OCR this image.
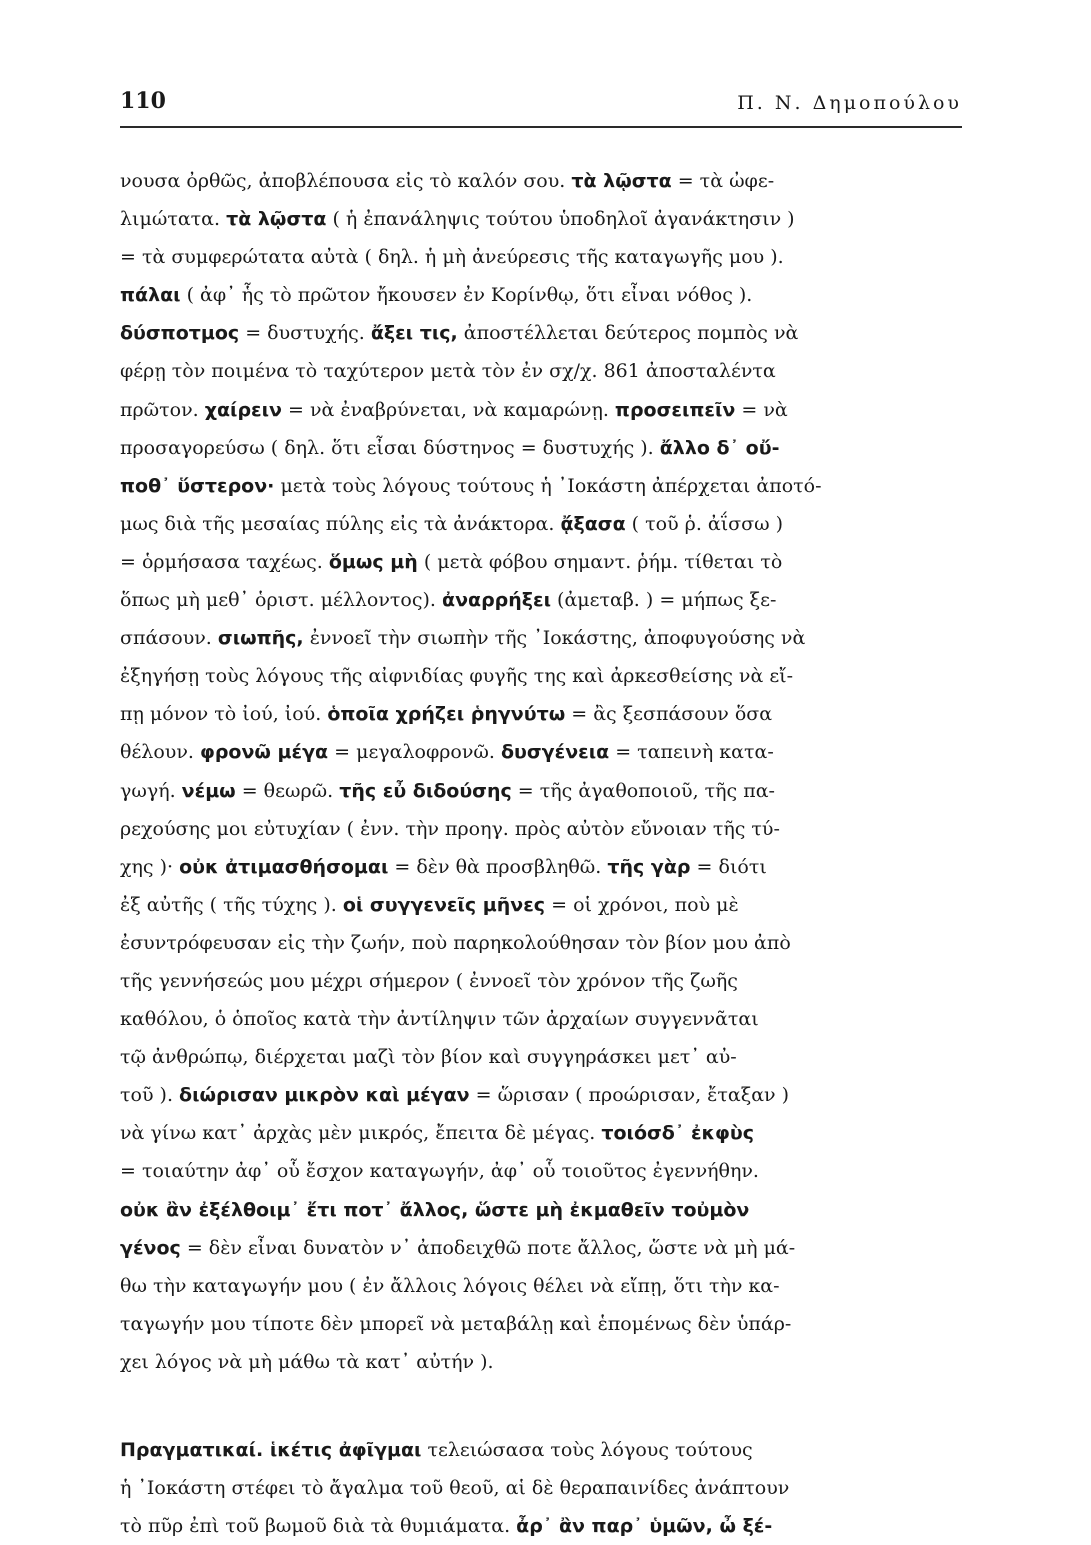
110	Π. Ν. Δημοπούλου
νουσα ὀρθῶς, ἀποβλέπουσα εἰς τὸ καλόν σου. τὰ λῷστα = τὰ ὠφε-
λιμώτατα. τὰ λῷστα ( ἡ ἐπανάληψις τούτου ὑποδηλοῖ ἀγανάκτησιν )
= τὰ συμφερώτατα αὐτὰ ( δηλ. ἡ μὴ ἀνεύρεσις τῆς καταγωγῆς μου ).
πάλαι ( ἀφ᾽ ἧς τὸ πρῶτον ἤκουσεν ἐν Κορίνθῳ, ὅτι εἶναι νόθος ).
δύσποτμος = δυστυχής. ἄξει τις, ἀποστέλλεται δεύτερος πομπὸς νὰ
φέρῃ τὸν ποιμένα τὸ ταχύτερον μετὰ τὸν ἐν σχ/χ. 861 ἀποσταλέντα
πρῶτον. χαίρειν = νὰ ἐναβρύνεται, νὰ καμαρώνῃ. προσειπεῖν = νὰ
προσαγορεύσω ( δηλ. ὅτι εἶσαι δύστηνος = δυστυχής ). ἄλλο δ᾽ οὔ-
ποθ᾽ ὕστερον· μετὰ τοὺς λόγους τούτους ἡ ᾿Ιοκάστη ἀπέρχεται ἀποτό-
μως διὰ τῆς μεσαίας πύλης εἰς τὰ ἀνάκτορα. ᾄξασα ( τοῦ ῥ. ἀΐσσω )
= ὁρμήσασα ταχέως. ὅμως μὴ ( μετὰ φόβου σημαντ. ῥήμ. τίθεται τὸ
ὅπως μὴ μεθ᾽ ὁριστ. μέλλοντος). ἀναρρήξει (ἀμεταβ. ) = μήπως ξε-
σπάσουν. σιωπῆς, ἐννοεῖ τὴν σιωπὴν τῆς ᾿Ιοκάστης, ἀποφυγούσης νὰ
ἐξηγήσῃ τοὺς λόγους τῆς αἰφνιδίας φυγῆς της καὶ ἀρκεσθείσης νὰ εἴ-
πῃ μόνον τὸ ἰού, ἰού. ὁποῖα χρήζει ῥηγνύτω = ἂς ξεσπάσουν ὅσα
θέλουν. φρονῶ μέγα = μεγαλοφρονῶ. δυσγένεια = ταπεινὴ κατα-
γωγή. νέμω = θεωρῶ. τῆς εὖ διδούσης = τῆς ἀγαθοποιοῦ, τῆς πα-
ρεχούσης μοι εὐτυχίαν ( ἐνν. τὴν προηγ. πρὸς αὐτὸν εὔνοιαν τῆς τύ-
χης )· οὐκ ἀτιμασθήσομαι = δὲν θὰ προσβληθῶ. τῆς γὰρ = διότι
ἐξ αὐτῆς ( τῆς τύχης ). οἱ συγγενεῖς μῆνες = οἱ χρόνοι, ποὺ μὲ
ἐσυντρόφευσαν εἰς τὴν ζωήν, ποὺ παρηκολούθησαν τὸν βίον μου ἀπὸ
τῆς γεννήσεώς μου μέχρι σήμερον ( ἐννοεῖ τὸν χρόνον τῆς ζωῆς
καθόλου, ὁ ὁποῖος κατὰ τὴν ἀντίληψιν τῶν ἀρχαίων συγγεννᾶται
τῷ ἀνθρώπῳ, διέρχεται μαζὶ τὸν βίον καὶ συγγηράσκει μετ᾽ αὐ-
τοῦ ). διώρισαν μικρὸν καὶ μέγαν = ὥρισαν ( προώρισαν, ἔταξαν )
νὰ γίνω κατ᾽ ἀρχὰς μὲν μικρός, ἔπειτα δὲ μέγας. τοιόσδ᾽ ἐκφὺς
= τοιαύτην ἀφ᾽ οὗ ἔσχον καταγωγήν, ἀφ᾽ οὗ τοιοῦτος ἐγεννήθην.
οὐκ ἂν ἐξέλθοιμ᾽ ἔτι ποτ᾽ ἄλλος, ὥστε μὴ ἐκμαθεῖν τοὐμὸν
γένος = δὲν εἶναι δυνατὸν ν᾽ ἀποδειχθῶ ποτε ἄλλος, ὥστε νὰ μὴ μά-
θω τὴν καταγωγήν μου ( ἐν ἄλλοις λόγοις θέλει νὰ εἴπῃ, ὅτι τὴν κα-
ταγωγήν μου τίποτε δὲν μπορεῖ νὰ μεταβάλῃ καὶ ἑπομένως δὲν ὑπάρ-
χει λόγος νὰ μὴ μάθω τὰ κατ᾽ αὐτήν ).
Πραγματικαί. ἱκέτις ἀφῖγμαι τελειώσασα τοὺς λόγους τούτους
ἡ ᾿Ιοκάστη στέφει τὸ ἄγαλμα τοῦ θεοῦ, αἱ δὲ θεραπαινίδες ἀνάπτουν
τὸ πῦρ ἐπὶ τοῦ βωμοῦ διὰ τὰ θυμιάματα. ἆρ᾽ ἂν παρ᾽ ὑμῶν, ὦ ξέ-
